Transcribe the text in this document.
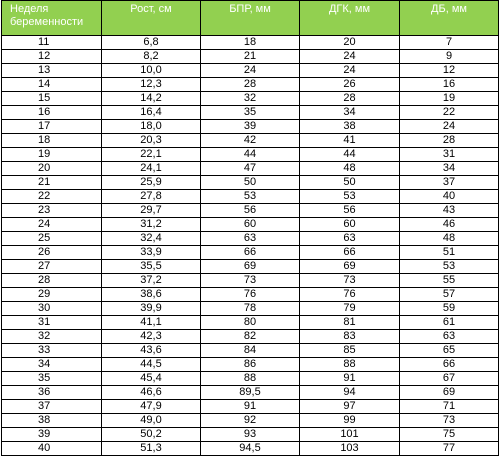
Неделя беременности	Рост, см	БПР, мм	ДГК, мм	ДБ, мм
11	6,8	18	20	7
12	8,2	21	24	9
13	10,0	24	24	12
14	12,3	28	26	16
15	14,2	32	28	19
16	16,4	35	34	22
17	18,0	39	38	24
18	20,3	42	41	28
19	22,1	44	44	31
20	24,1	47	48	34
21	25,9	50	50	37
22	27,8	53	53	40
23	29,7	56	56	43
24	31,2	60	60	46
25	32,4	63	63	48
26	33,9	66	66	51
27	35,5	69	69	53
28	37,2	73	73	55
29	38,6	76	76	57
30	39,9	78	79	59
31	41,1	80	81	61
32	42,3	82	83	63
33	43,6	84	85	65
34	44,5	86	88	66
35	45,4	88	91	67
36	46,6	89,5	94	69
37	47,9	91	97	71
38	49,0	92	99	73
39	50,2	93	101	75
40	51,3	94,5	103	77
